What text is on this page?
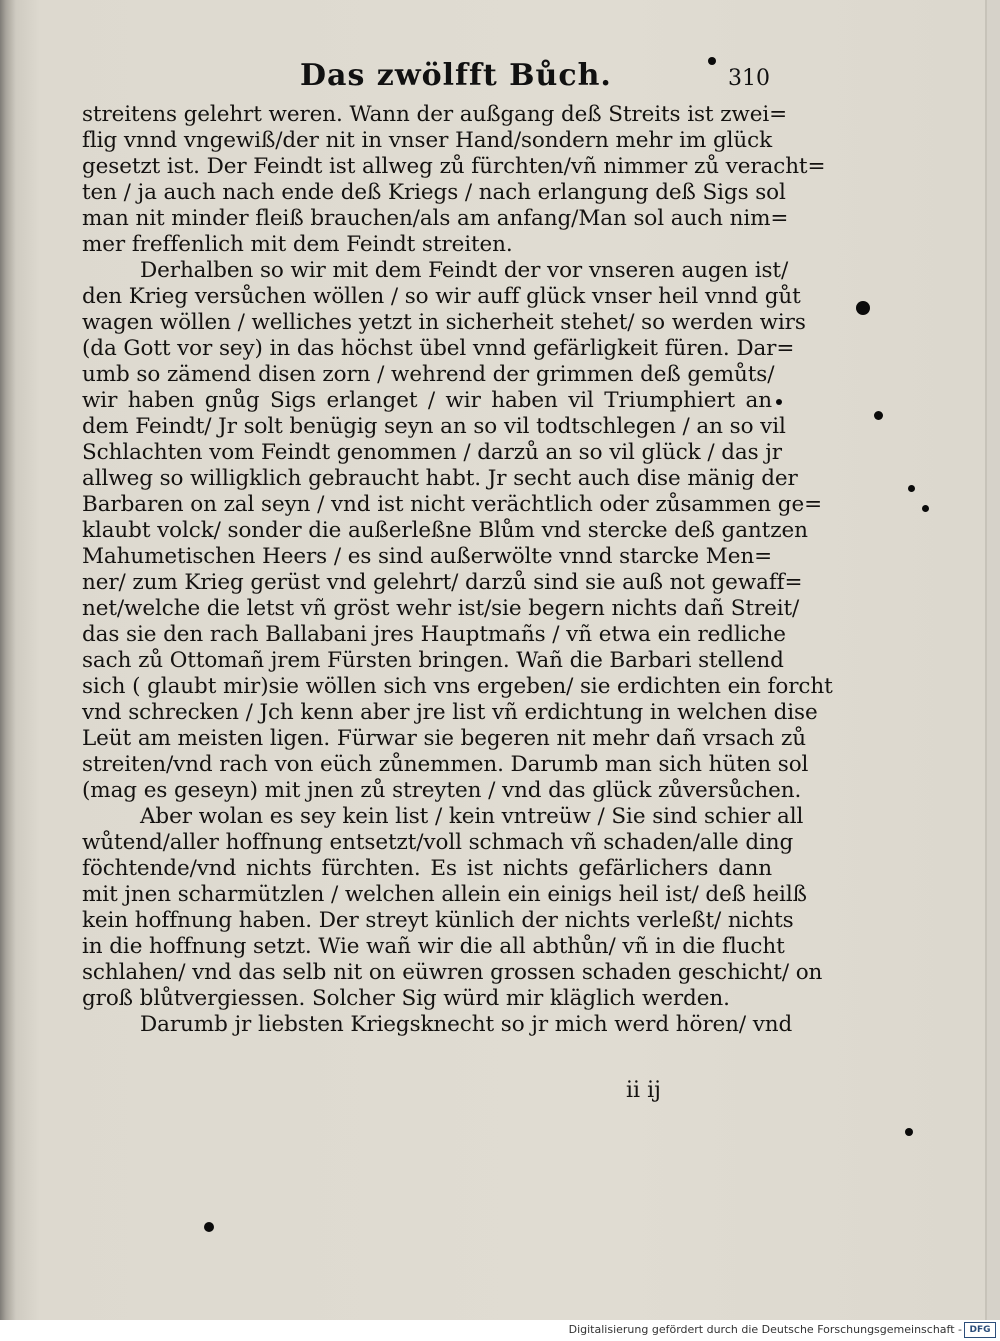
Das zwölfft Bůch.	310
streitens gelehrt weren. Wann der außgang deß Streits ist zwei=
flig vnnd vngewiß/der nit in vnser Hand/sondern mehr im glück
gesetzt ist. Der Feindt ist allweg zů fürchten/vñ nimmer zů veracht=
ten / ja auch nach ende deß Kriegs / nach erlangung deß Sigs sol
man nit minder fleiß brauchen/als am anfang/Man sol auch nim=
mer freffenlich mit dem Feindt streiten.
Derhalben so wir mit dem Feindt der vor vnseren augen ist/
den Krieg versůchen wöllen / so wir auff glück vnser heil vnnd gůt
wagen wöllen / welliches yetzt in sicherheit stehet/ so werden wirs
(da Gott vor sey) in das höchst übel vnnd gefärligkeit füren. Dar=
umb so zämend disen zorn / wehrend der grimmen deß gemůts/
wir haben gnůg Sigs erlanget / wir haben vil Triumphiert an
dem Feindt/ Jr solt benügig seyn an so vil todtschlegen / an so vil
Schlachten vom Feindt genommen / darzů an so vil glück / das jr
allweg so willigklich gebraucht habt. Jr secht auch dise mänig der
Barbaren on zal seyn / vnd ist nicht verächtlich oder zůsammen ge=
klaubt volck/ sonder die außerleßne Blům vnd stercke deß gantzen
Mahumetischen Heers / es sind außerwölte vnnd starcke Men=
ner/ zum Krieg gerüst vnd gelehrt/ darzů sind sie auß not gewaff=
net/welche die letst vñ gröst wehr ist/sie begern nichts dañ Streit/
das sie den rach Ballabani jres Hauptmañs / vñ etwa ein redliche
sach zů Ottomañ jrem Fürsten bringen. Wañ die Barbari stellend
sich ( glaubt mir)sie wöllen sich vns ergeben/ sie erdichten ein forcht
vnd schrecken / Jch kenn aber jre list vñ erdichtung in welchen dise
Leüt am meisten ligen. Fürwar sie begeren nit mehr dañ vrsach zů
streiten/vnd rach von eüch zůnemmen. Darumb man sich hüten sol
(mag es geseyn) mit jnen zů streyten / vnd das glück zůversůchen.
Aber wolan es sey kein list / kein vntreüw / Sie sind schier all
wůtend/aller hoffnung entsetzt/voll schmach vñ schaden/alle ding
föchtende/vnd nichts fürchten. Es ist nichts gefärlichers dann
mit jnen scharmützlen / welchen allein ein einigs heil ist/ deß heilß
kein hoffnung haben. Der streyt künlich der nichts verleßt/ nichts
in die hoffnung setzt. Wie wañ wir die all abthůn/ vñ in die flucht
schlahen/ vnd das selb nit on eüwren grossen schaden geschicht/ on
groß blůtvergiessen. Solcher Sig würd mir kläglich werden.
Darumb jr liebsten Kriegsknecht so jr mich werd hören/ vnd
ii ij
Digitalisierung gefördert durch die Deutsche Forschungsgemeinschaft - DFG
